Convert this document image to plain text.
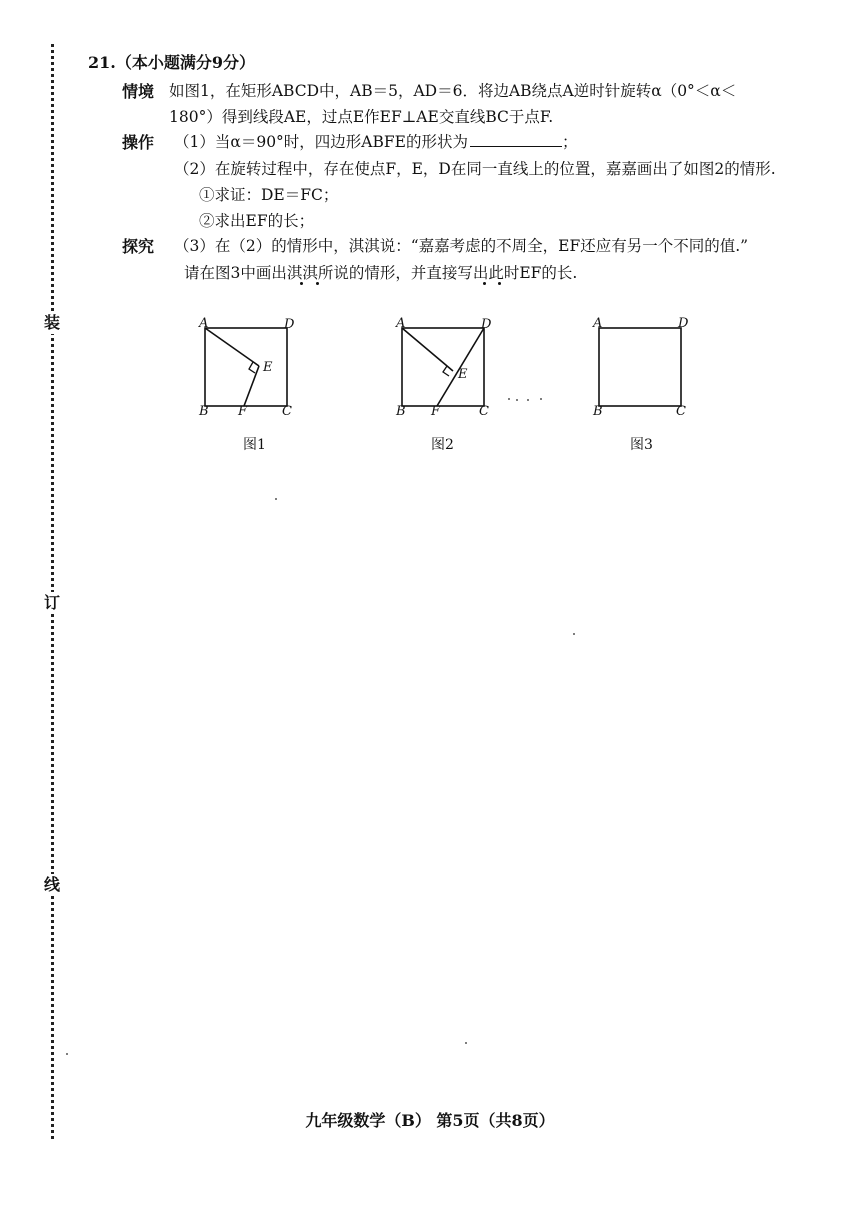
装
订
线
21.（本小题满分9分）
情境 如图1，在矩形ABCD中，AB＝5，AD＝6．将边AB绕点A逆时针旋转α（0°＜α＜
180°）得到线段AE，过点E作EF⊥AE交直线BC于点F.
操作 （1）当α＝90°时，四边形ABFE的形状为	；
（2）在旋转过程中，存在使点F，E，D在同一直线上的位置，嘉嘉画出了如图2的情形.
①求证：DE＝FC；
②求出EF的长；
探究 （3）在（2）的情形中，淇淇说：“嘉嘉考虑的不周全，EF还应有另一个不同的值.”
请在图3中画出淇淇所说的情形，并直接写出此时EF的长.
A	D
B	C
E
F
图1
A	D
B	C
E
F
图2
A	D
B	C
图3
九年级数学（B） 第5页（共8页）
